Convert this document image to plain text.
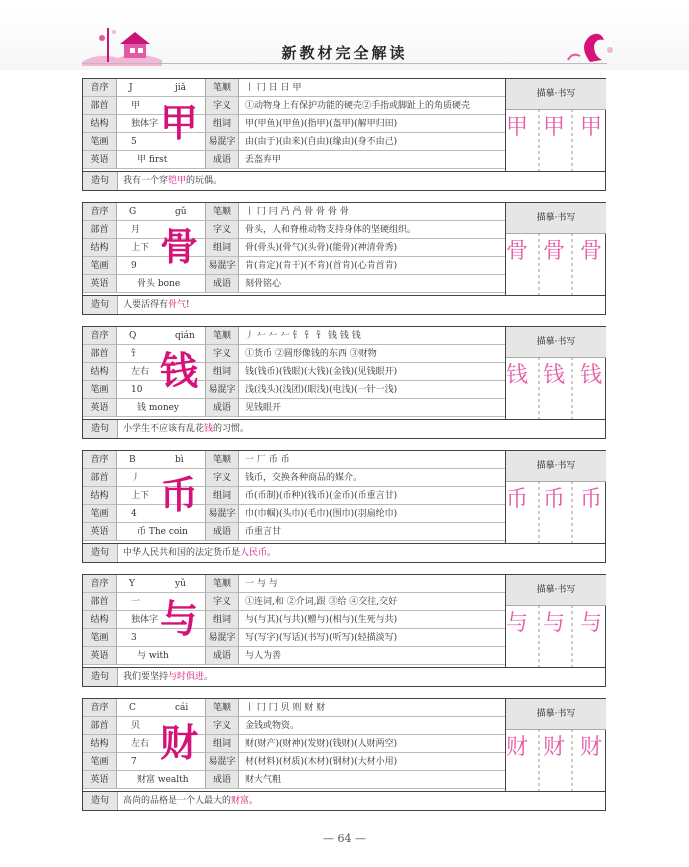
新教材完全解读
音序	J	jiǎ
部首	甲
结构	独体字
笔画	5
英语	甲 first
甲
笔顺	丨 冂 日 日 甲
字义	①动物身上有保护功能的硬壳②手指或脚趾上的角质硬壳
组词	甲(甲鱼)(甲鱼)(指甲)(盔甲)(解甲归田)
易混字	由(由于)(由来)(自由)(缘由)(身不由己)
成语	丢盔弃甲
描摹·书写
甲 甲 甲
造句	我有一个穿铠甲的玩偶。
音序	G	gǔ
部首	月
结构	上下
笔画	9
英语	骨头 bone
骨
笔顺	丨 冂 冃 冎 冎 骨 骨 骨 骨
字义	骨头，人和脊椎动物支持身体的坚硬组织。
组词	骨(骨头)(骨气)(头骨)(能骨)(神清骨秀)
易混字	肯(肯定)(肯干)(不肯)(首肯)(心肯首肯)
成语	刻骨铭心
描摹·书写
骨 骨 骨
造句	人要活得有骨气!
音序	Q	qián
部首	钅
结构	左右
笔画	10
英语	钱 money
钱
笔顺	丿 𠂉 𠂉 𠂉 钅 钅 钅 钱 钱 钱
字义	①货币 ②圆形像钱的东西 ③财物
组词	钱(钱币)(钱眼)(大钱)(金钱)(见钱眼开)
易混字	浅(浅头)(浅团)(眼浅)(电浅)(一针一浅)
成语	见钱眼开
描摹·书写
钱 钱 钱
造句	小学生不应该有乱花钱的习惯。
音序	B	bì
部首	丿
结构	上下
笔画	4
英语	币 The coin
币
笔顺	一 厂 币 币
字义	钱币，交换各种商品的媒介。
组词	币(币制)(币种)(钱币)(金币)(币重言甘)
易混字	巾(巾帼)(头巾)(毛巾)(围巾)(羽扇纶巾)
成语	币重言甘
描摹·书写
币 币 币
造句	中华人民共和国的法定货币是人民币。
音序	Y	yǔ
部首	一
结构	独体字
笔画	3
英语	与 with
与
笔顺	一 与 与
字义	①连词,和 ②介词,跟 ③给 ④交往,交好
组词	与(与其)(与共)(赠与)(相与)(生死与共)
易混字	写(写字)(写话)(书写)(听写)(轻描淡写)
成语	与人为善
描摹·书写
与 与 与
造句	我们要坚持与时俱进。
音序	C	cái
部首	贝
结构	左右
笔画	7
英语	财富 wealth
财
笔顺	丨 冂 冂 贝 则 财 财
字义	金钱或物资。
组词	财(财产)(财神)(发财)(钱财)(人财两空)
易混字	材(材料)(材质)(木材)(钢材)(大材小用)
成语	财大气粗
描摹·书写
财 财 财
造句	高尚的品格是一个人最大的财富。
— 64 —
